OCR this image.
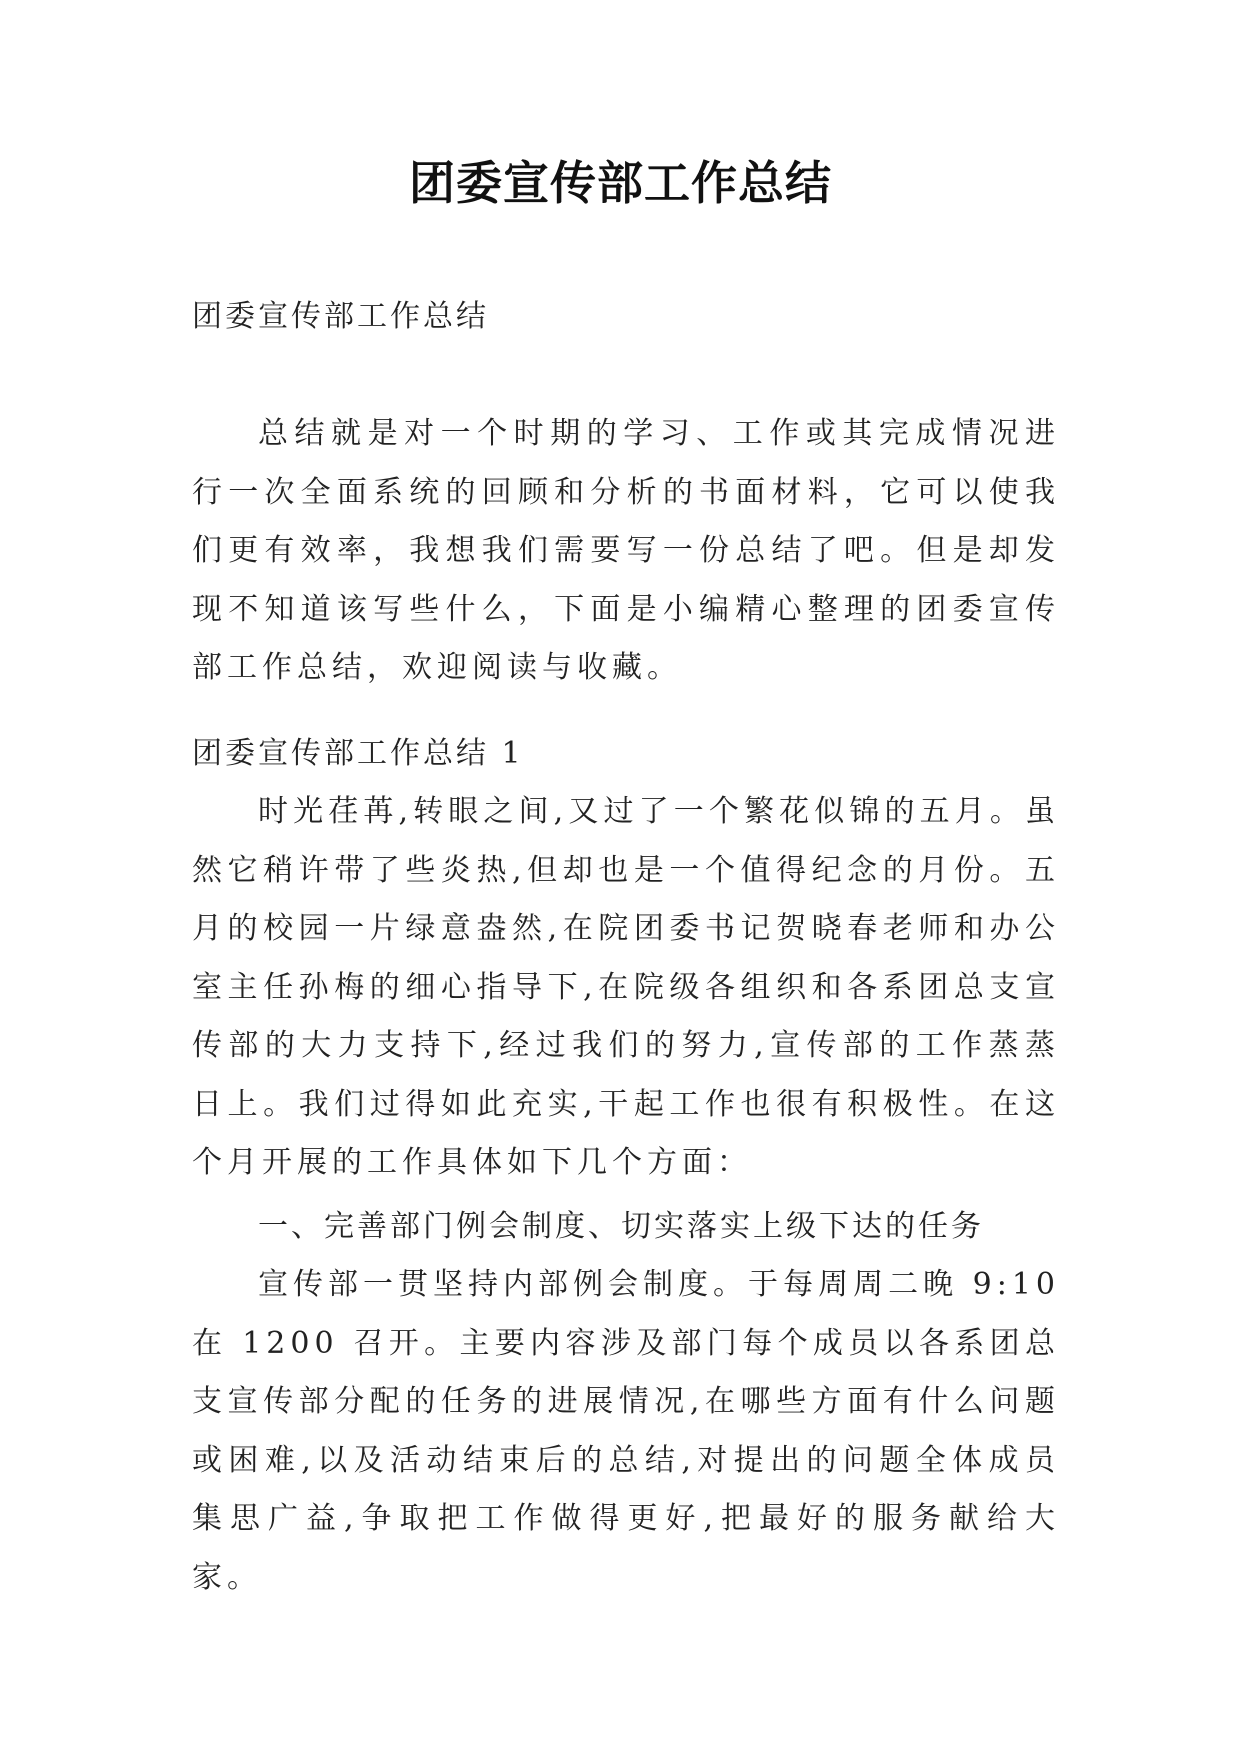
团委宣传部工作总结

团委宣传部工作总结

总结就是对一个时期的学习、工作或其完成情况进行一次全面系统的回顾和分析的书面材料，它可以使我们更有效率，我想我们需要写一份总结了吧。但是却发现不知道该写些什么，下面是小编精心整理的团委宣传部工作总结，欢迎阅读与收藏。

团委宣传部工作总结 1

时光荏苒,转眼之间,又过了一个繁花似锦的五月。虽然它稍许带了些炎热,但却也是一个值得纪念的月份。五月的校园一片绿意盎然,在院团委书记贺晓春老师和办公室主任孙梅的细心指导下,在院级各组织和各系团总支宣传部的大力支持下,经过我们的努力,宣传部的工作蒸蒸日上。我们过得如此充实,干起工作也很有积极性。在这个月开展的工作具体如下几个方面：

一、完善部门例会制度、切实落实上级下达的任务

宣传部一贯坚持内部例会制度。于每周周二晚 9:10 在 1200 召开。主要内容涉及部门每个成员以各系团总支宣传部分配的任务的进展情况,在哪些方面有什么问题或困难,以及活动结束后的总结,对提出的问题全体成员集思广益,争取把工作做得更好,把最好的服务献给大家。
